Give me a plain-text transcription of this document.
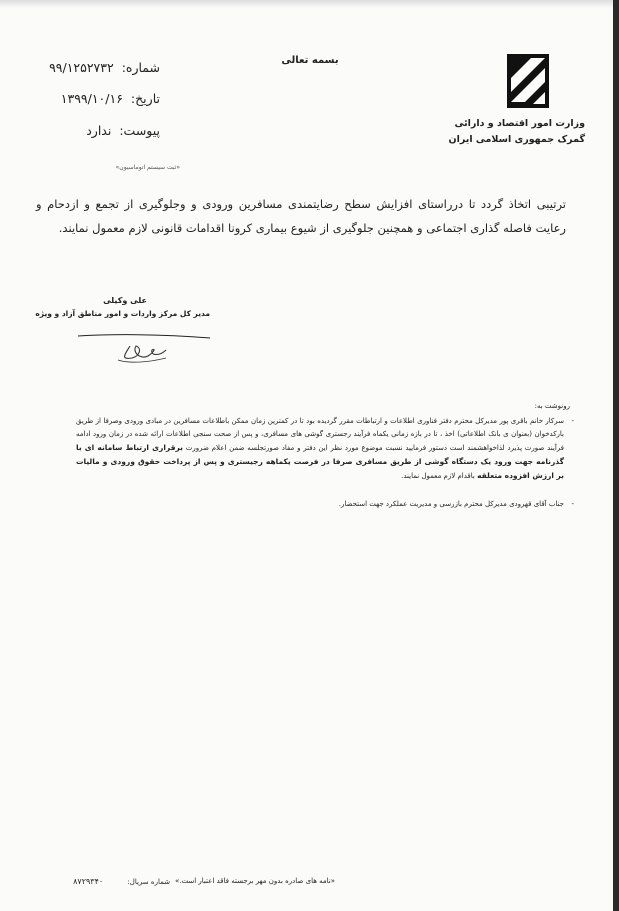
بسمه تعالی
وزارت امور اقتصاد و دارائی
گمرک جمهوری اسلامی ایران
شماره: ۹۹/۱۲۵۲۷۳۲
تاریخ: ۱۳۹۹/۱۰/۱۶
پیوست: ندارد
«ثبت سیستم اتوماسیون»
ترتیبی اتخاذ گردد تا درراستای افزایش سطح رضایتمندی مسافرین ورودی و وجلوگیری از تجمع و ازدحام و رعایت فاصله گذاری اجتماعی و همچنین جلوگیری از شیوع بیماری کرونا اقدامات قانونی لازم معمول نمایند.
علی وکیلی
مدیر کل مرکز واردات و امور مناطق آزاد و ویژه
رونوشت به:
-
سرکار خانم باقری پور مدیرکل محترم دفتر فناوری اطلاعات و ارتباطات مقرر گردیده بود تا در کمترین زمان ممکن باطلاعات مسافرین در مبادی ورودی وصرفا از طریق بارکدخوان (بعنوان ی بانک اطلاعاتی) اخذ ، تا در بازه زمانی یکماه فرآیند رجستری گوشی های مسافری، و پس از صحت سنجی اطلاعات ارائه شده در زمان ورود ادامه فرآیند صورت پذیرد لذاخواهشمند است دستور فرمایید نسبت موضوع مورد نظر این دفتر و مفاد صورتجلسه ضمن اعلام ضرورت برقراری ارتباط سامانه ای با گذرنامه جهت ورود یک دستگاه گوشی از طریق مسافری صرفا در فرصت یکماهه رجیستری و پس از پرداخت حقوق ورودی و مالیات بر ارزش افزوده متعلقه باقدام لازم معمول نمایند.
-
جناب آقای قهرودی مدیرکل محترم بازرسی و مدیریت عملکرد جهت استحضار.
«نامه های صادره بدون مهر برجسته فاقد اعتبار است.»
شماره سریال: ۸۷۲۹۳۴۰
